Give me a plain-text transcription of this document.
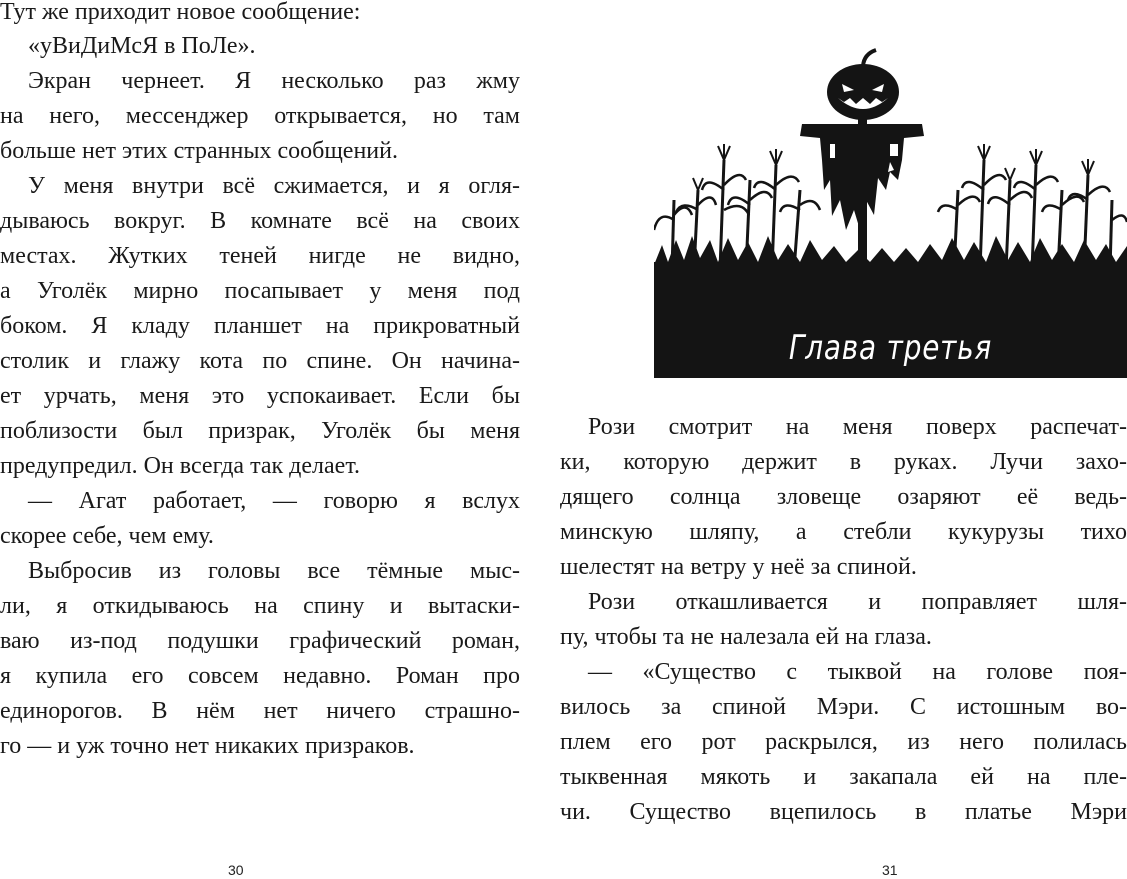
Тут же приходит новое сообщение:
«уВиДиМсЯ в ПоЛе».
Экран чернеет. Я несколько раз жму
на него, мессенджер открывается, но там
больше нет этих странных сообщений.
У меня внутри всё сжимается, и я огля-
дываюсь вокруг. В комнате всё на своих
местах. Жутких теней нигде не видно,
а Уголёк мирно посапывает у меня под
боком. Я кладу планшет на прикроватный
столик и глажу кота по спине. Он начина-
ет урчать, меня это успокаивает. Если бы
поблизости был призрак, Уголёк бы меня
предупредил. Он всегда так делает.
— Агат работает, — говорю я вслух
скорее себе, чем ему.
Выбросив из головы все тёмные мыс-
ли, я откидываюсь на спину и вытаски-
ваю из-под подушки графический роман,
я купила его совсем недавно. Роман про
единорогов. В нём нет ничего страшно-
го — и уж точно нет никаких призраков.
30
Глава третья
Рози смотрит на меня поверх распечат-
ки, которую держит в руках. Лучи захо-
дящего солнца зловеще озаряют её ведь-
минскую шляпу, а стебли кукурузы тихо
шелестят на ветру у неё за спиной.
Рози откашливается и поправляет шля-
пу, чтобы та не налезала ей на глаза.
— «Существо с тыквой на голове поя-
вилось за спиной Мэри. С истошным во-
плем его рот раскрылся, из него полилась
тыквенная мякоть и закапала ей на пле-
чи. Существо вцепилось в платье Мэри
31
